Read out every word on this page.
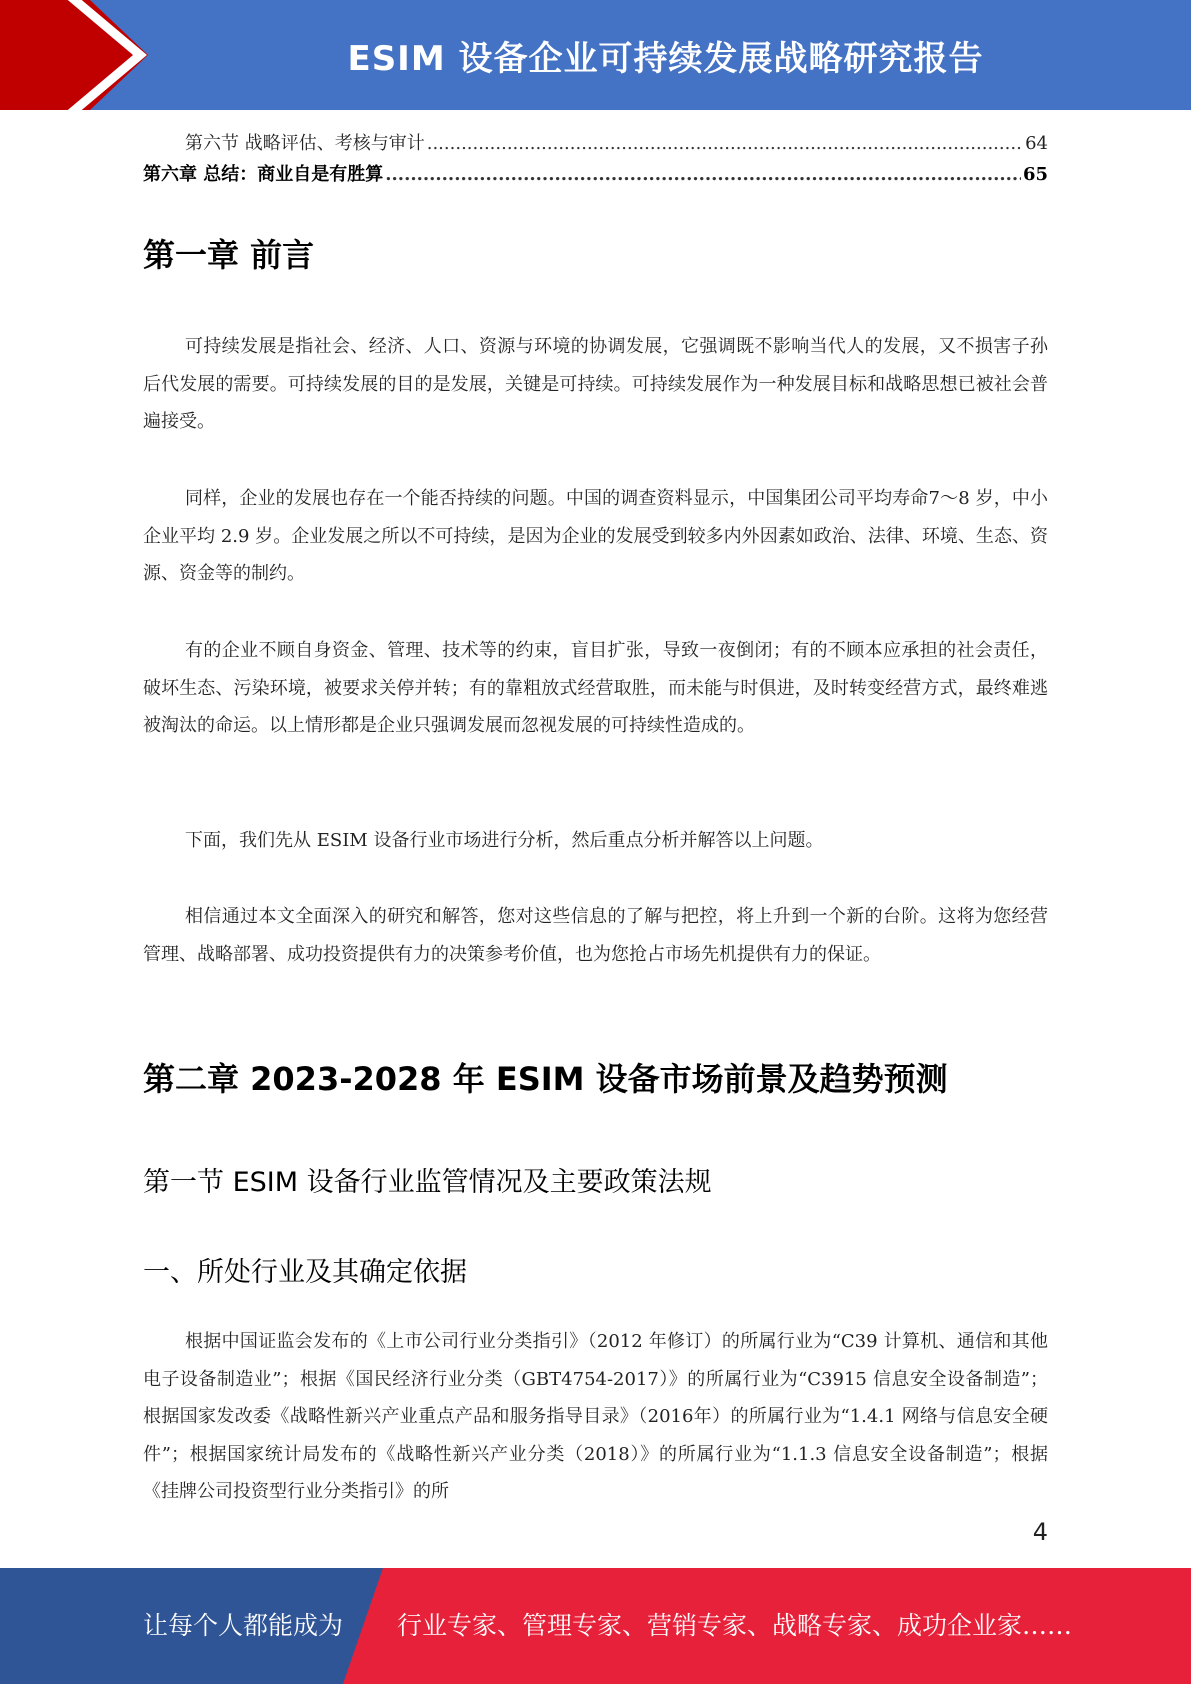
ESIM 设备企业可持续发展战略研究报告
第六节 战略评估、考核与审计 .....	64
第六章 总结：商业自是有胜算 .....	65
第一章 前言

可持续发展是指社会、经济、人口、资源与环境的协调发展，它强调既不影响当代人的发展，又不损害子孙后代发展的需要。可持续发展的目的是发展，关键是可持续。可持续发展作为一种发展目标和战略思想已被社会普遍接受。

同样，企业的发展也存在一个能否持续的问题。中国的调查资料显示，中国集团公司平均寿命7～8 岁，中小企业平均 2.9 岁。企业发展之所以不可持续，是因为企业的发展受到较多内外因素如政治、法律、环境、生态、资源、资金等的制约。

有的企业不顾自身资金、管理、技术等的约束，盲目扩张，导致一夜倒闭；有的不顾本应承担的社会责任，破坏生态、污染环境，被要求关停并转；有的靠粗放式经营取胜，而未能与时俱进，及时转变经营方式，最终难逃被淘汰的命运。以上情形都是企业只强调发展而忽视发展的可持续性造成的。

下面，我们先从 ESIM 设备行业市场进行分析，然后重点分析并解答以上问题。

相信通过本文全面深入的研究和解答，您对这些信息的了解与把控，将上升到一个新的台阶。这将为您经营管理、战略部署、成功投资提供有力的决策参考价值，也为您抢占市场先机提供有力的保证。

第二章 2023-2028 年 ESIM 设备市场前景及趋势预测
第一节 ESIM 设备行业监管情况及主要政策法规
一、所处行业及其确定依据

根据中国证监会发布的《上市公司行业分类指引》（2012 年修订）的所属行业为“C39 计算机、通信和其他电子设备制造业”；根据《国民经济行业分类（GBT4754-2017）》的所属行业为“C3915 信息安全设备制造”；根据国家发改委《战略性新兴产业重点产品和服务指导目录》（2016年）的所属行业为“1.4.1 网络与信息安全硬件”；根据国家统计局发布的《战略性新兴产业分类（2018）》的所属行业为“1.1.3 信息安全设备制造”；根据《挂牌公司投资型行业分类指引》的所

4
让每个人都能成为 行业专家、管理专家、营销专家、战略专家、成功企业家……
